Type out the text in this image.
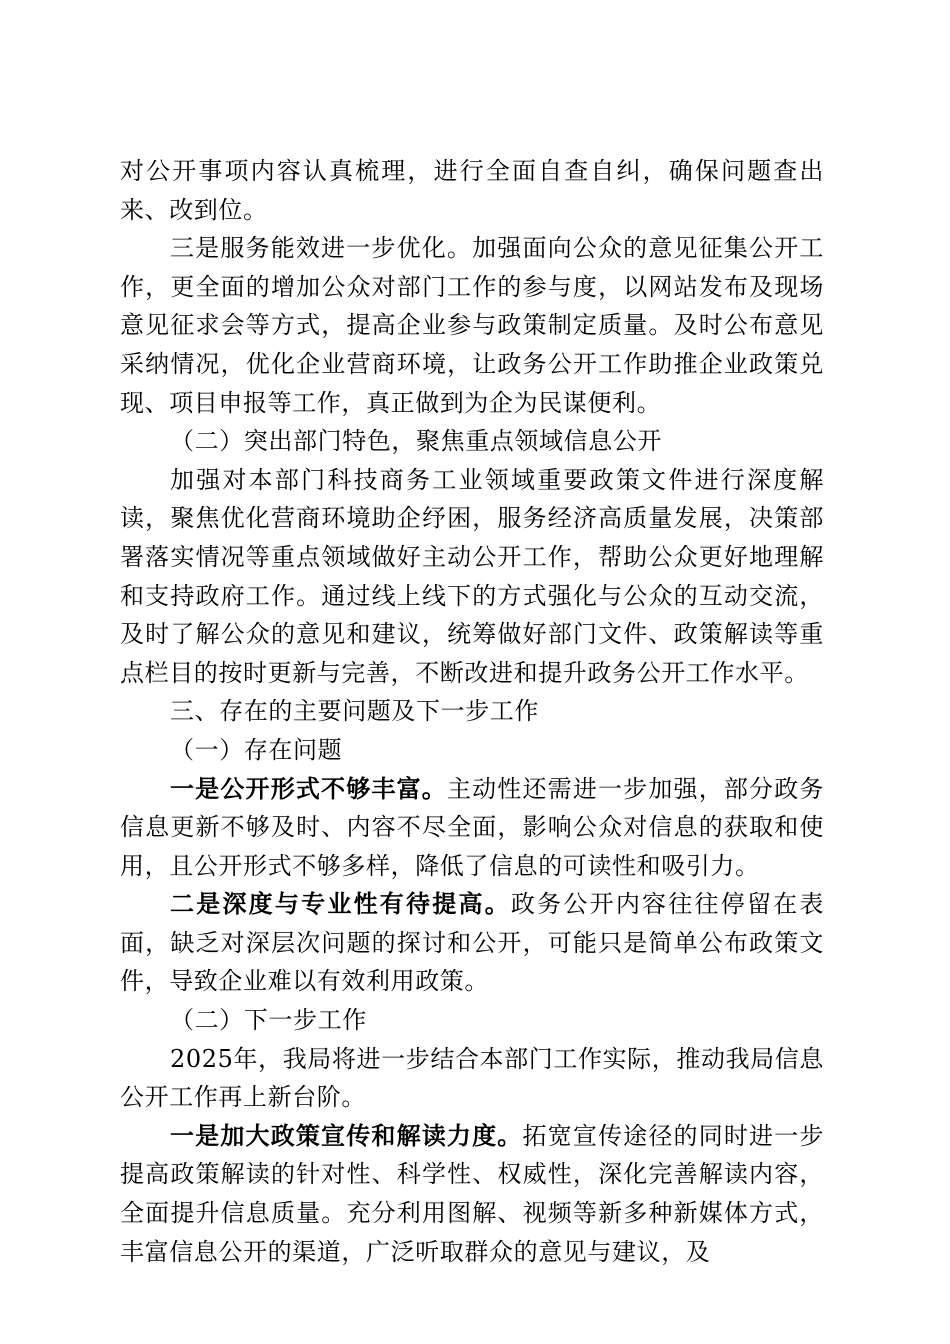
对公开事项内容认真梳理，进行全面自查自纠，确保问题查出来、改到位。

三是服务能效进一步优化。加强面向公众的意见征集公开工作，更全面的增加公众对部门工作的参与度，以网站发布及现场意见征求会等方式，提高企业参与政策制定质量。及时公布意见采纳情况，优化企业营商环境，让政务公开工作助推企业政策兑现、项目申报等工作，真正做到为企为民谋便利。

（二）突出部门特色，聚焦重点领域信息公开

加强对本部门科技商务工业领域重要政策文件进行深度解读，聚焦优化营商环境助企纾困，服务经济高质量发展，决策部署落实情况等重点领域做好主动公开工作，帮助公众更好地理解和支持政府工作。通过线上线下的方式强化与公众的互动交流，及时了解公众的意见和建议，统筹做好部门文件、政策解读等重点栏目的按时更新与完善，不断改进和提升政务公开工作水平。

三、存在的主要问题及下一步工作

（一）存在问题

一是公开形式不够丰富。主动性还需进一步加强，部分政务信息更新不够及时、内容不尽全面，影响公众对信息的获取和使用，且公开形式不够多样，降低了信息的可读性和吸引力。

二是深度与专业性有待提高。政务公开内容往往停留在表面，缺乏对深层次问题的探讨和公开，可能只是简单公布政策文件，导致企业难以有效利用政策。

（二）下一步工作

2025年，我局将进一步结合本部门工作实际，推动我局信息公开工作再上新台阶。

一是加大政策宣传和解读力度。拓宽宣传途径的同时进一步提高政策解读的针对性、科学性、权威性，深化完善解读内容，全面提升信息质量。充分利用图解、视频等新多种新媒体方式，丰富信息公开的渠道，广泛听取群众的意见与建议，及
